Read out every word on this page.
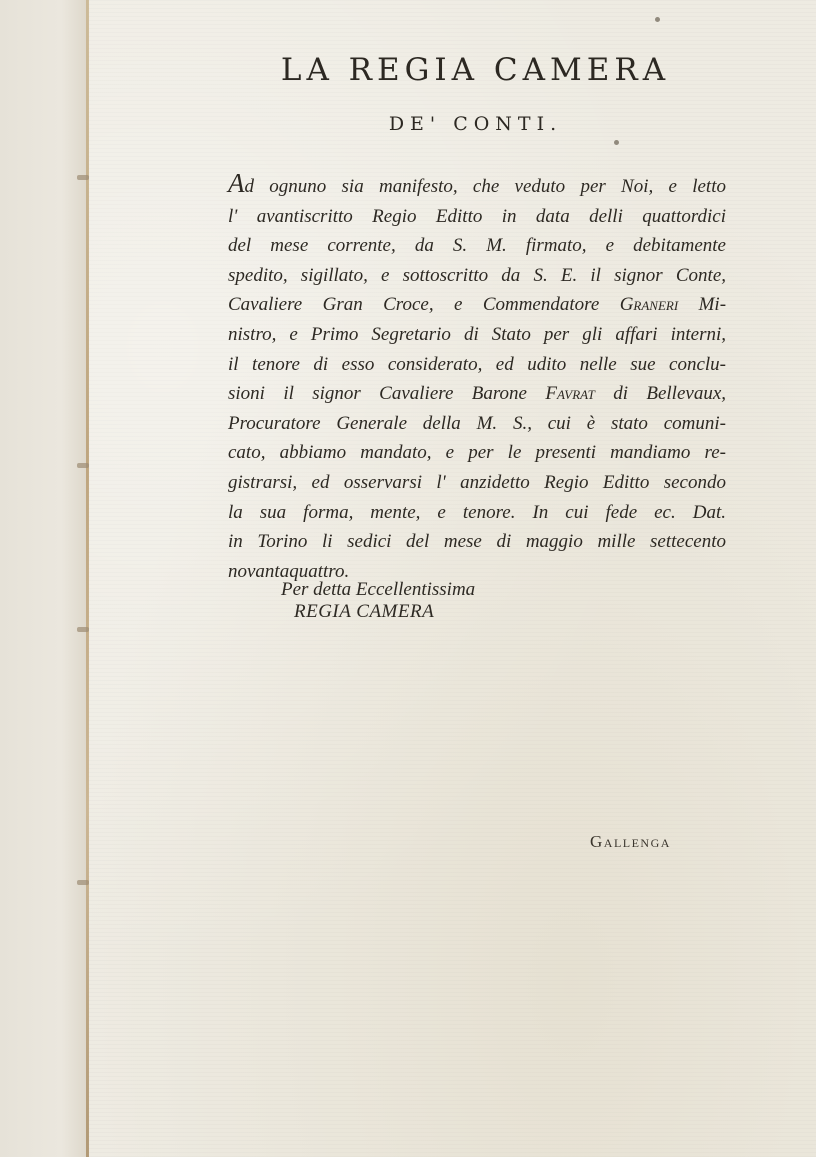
LA REGIA CAMERA
DE' CONTI.
Ad ognuno sia manifesto, che veduto per Noi, e letto
l' avantiscritto Regio Editto in data delli quattordici
del mese corrente, da S. M. firmato, e debitamente
spedito, sigillato, e sottoscritto da S. E. il signor Conte,
Cavaliere Gran Croce, e Commendatore Graneri Mi-
nistro, e Primo Segretario di Stato per gli affari interni,
il tenore di esso considerato, ed udito nelle sue conclu-
sioni il signor Cavaliere Barone Favrat di Bellevaux,
Procuratore Generale della M. S., cui è stato comuni-
cato, abbiamo mandato, e per le presenti mandiamo re-
gistrarsi, ed osservarsi l' anzidetto Regio Editto secondo
la sua forma, mente, e tenore. In cui fede ec. Dat.
in Torino li sedici del mese di maggio mille settecento
novantaquattro.
Per detta Eccellentissima
REGIA CAMERA
Gallenga
